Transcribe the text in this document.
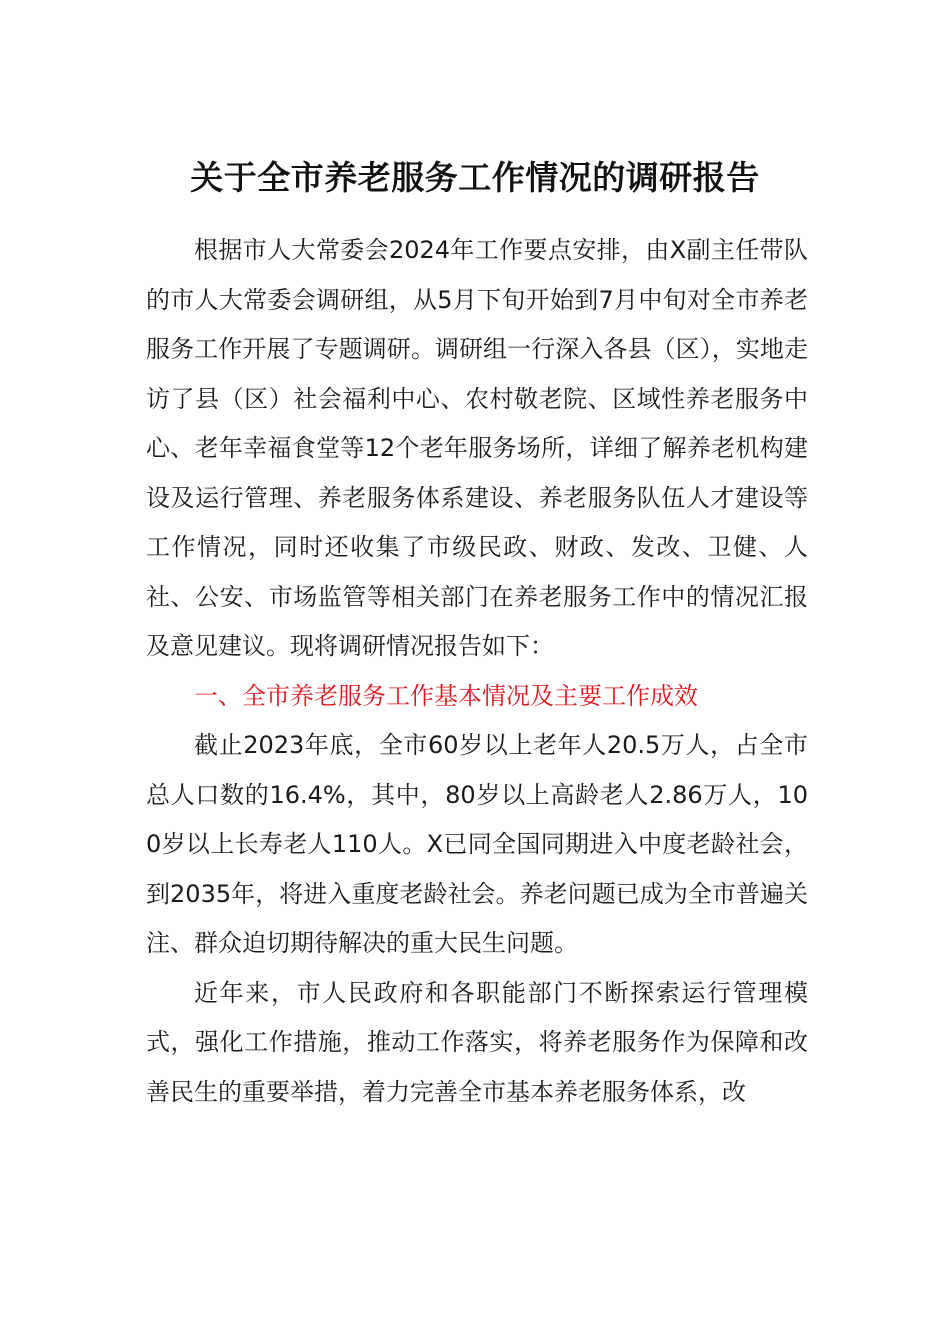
关于全市养老服务工作情况的调研报告

根据市人大常委会2024年工作要点安排，由X副主任带队的市人大常委会调研组，从5月下旬开始到7月中旬对全市养老服务工作开展了专题调研。调研组一行深入各县（区），实地走访了县（区）社会福利中心、农村敬老院、区域性养老服务中心、老年幸福食堂等12个老年服务场所，详细了解养老机构建设及运行管理、养老服务体系建设、养老服务队伍人才建设等工作情况，同时还收集了市级民政、财政、发改、卫健、人社、公安、市场监管等相关部门在养老服务工作中的情况汇报及意见建议。现将调研情况报告如下：

一、全市养老服务工作基本情况及主要工作成效

截止2023年底，全市60岁以上老年人20.5万人，占全市总人口数的16.4%，其中，80岁以上高龄老人2.86万人，100岁以上长寿老人110人。X已同全国同期进入中度老龄社会，到2035年，将进入重度老龄社会。养老问题已成为全市普遍关注、群众迫切期待解决的重大民生问题。

近年来，市人民政府和各职能部门不断探索运行管理模式，强化工作措施，推动工作落实，将养老服务作为保障和改善民生的重要举措，着力完善全市基本养老服务体系，改
